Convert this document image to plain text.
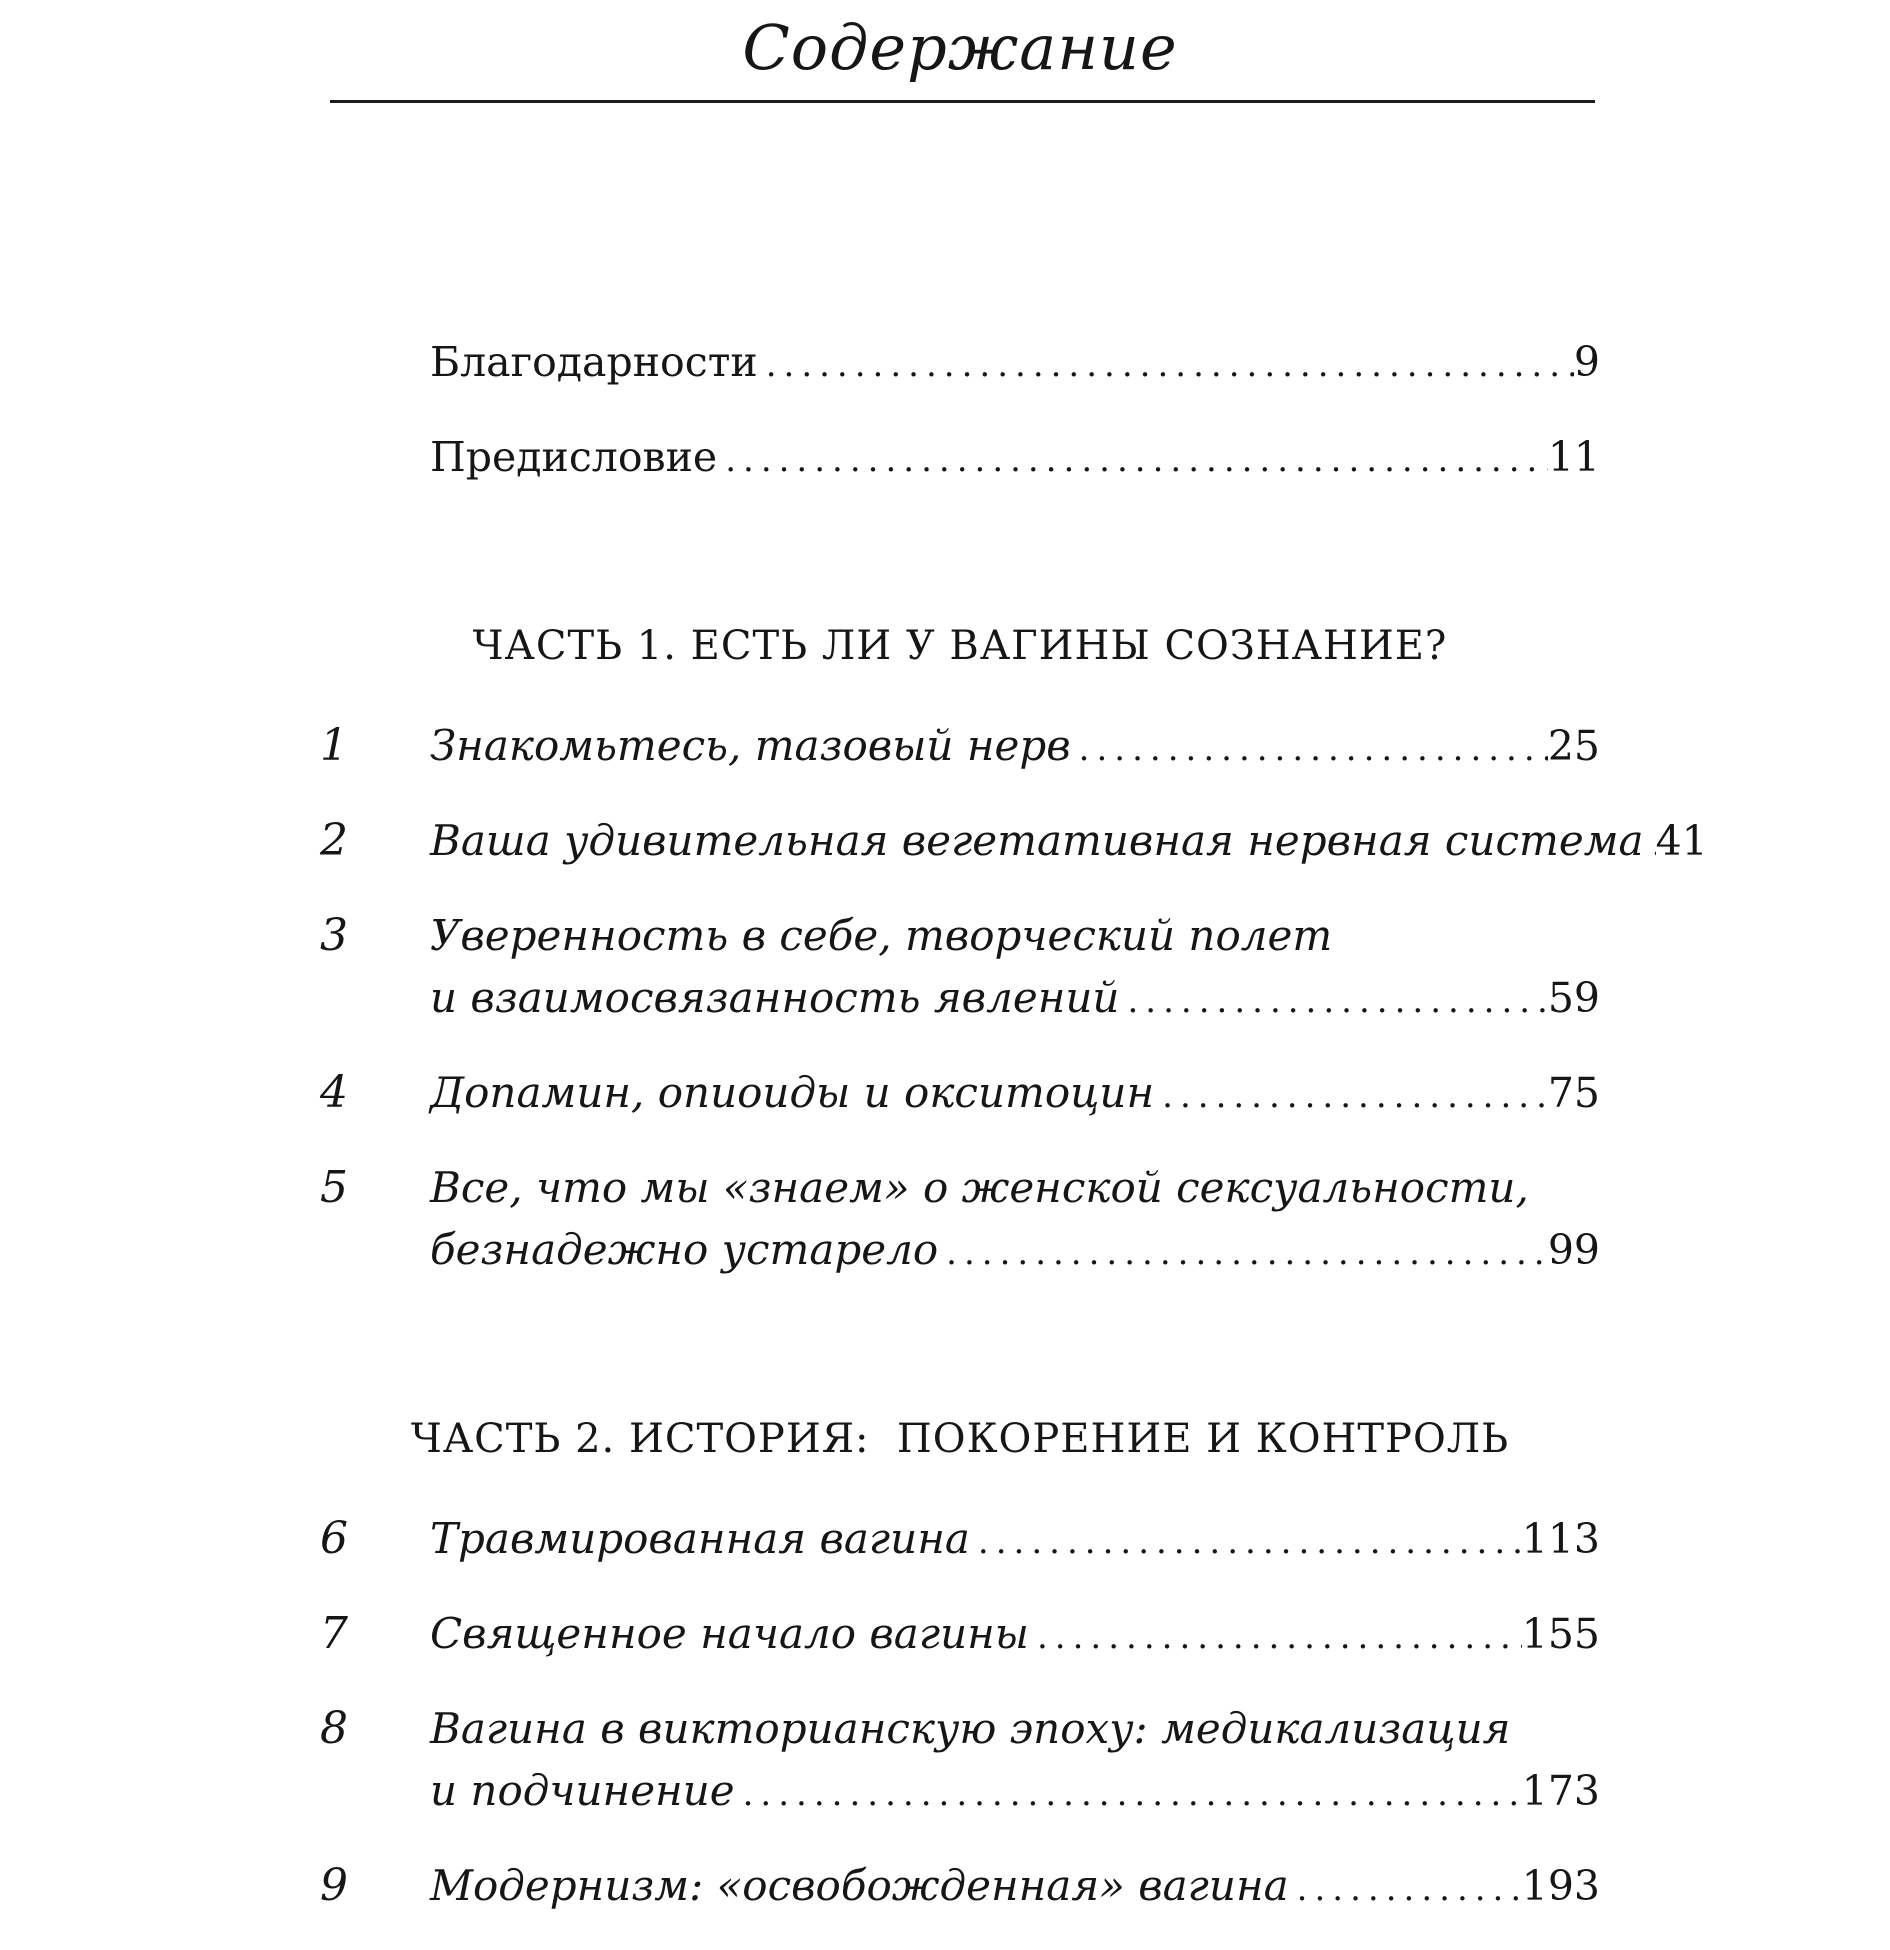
Содержание
Благодарности .....	9
Предисловие .....	11
ЧАСТЬ 1. ЕСТЬ ЛИ У ВАГИНЫ СОЗНАНИЕ?
1	Знакомьтесь, тазовый нерв .....	25
2	Ваша удивительная вегетативная нервная система ..... 41
3	Уверенность в себе, творческий полет
и взаимосвязанность явлений .....	59
4	Допамин, опиоиды и окситоцин .....	75
5	Все, что мы «знаем» о женской сексуальности,
безнадежно устарело .....	99
ЧАСТЬ 2. ИСТОРИЯ:  ПОКОРЕНИЕ И КОНТРОЛЬ
6	Травмированная вагина .....	113
7	Священное начало вагины .....	155
8	Вагина в викторианскую эпоху: медикализация
и подчинение .....	173
9	Модернизм: «освобожденная» вагина .....	193
